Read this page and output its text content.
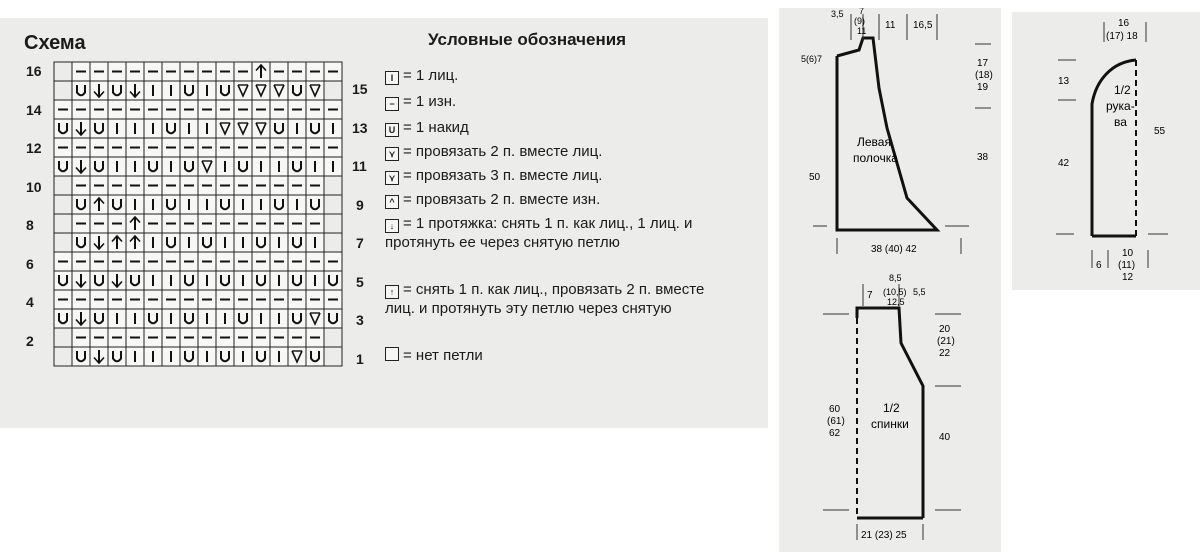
Схема	Условные обозначения
16
14
12
10
8
6
4
2
15
13
11
9
7
5
3
1
I = 1 лиц.
− = 1 изн.
U = 1 накид
⋎ = провязать 2 п. вместе лиц.
⋎ = провязать 3 п. вместе лиц.
^ = провязать 2 п. вместе изн.
↓ = 1 протяжка: снять 1 п. как лиц., 1 лиц. и протянуть ее через снятую петлю
↑ = снять 1 п. как лиц., провязать 2 п. вместе лиц. и протянуть эту петлю через снятую
= нет петли
3,5 7
(9)
11 11 16,5
5(6)7
50
17
(18)
19
38
38 (40) 42
Левая
полочка
8,5
7 (10,5) 5,5
12,5
20
(21)
22
60
(61)
62	40
21 (23) 25
1/2
спинки
16
(17) 18
13
42
55
6
10
(11)
12
1/2
рука-
ва
